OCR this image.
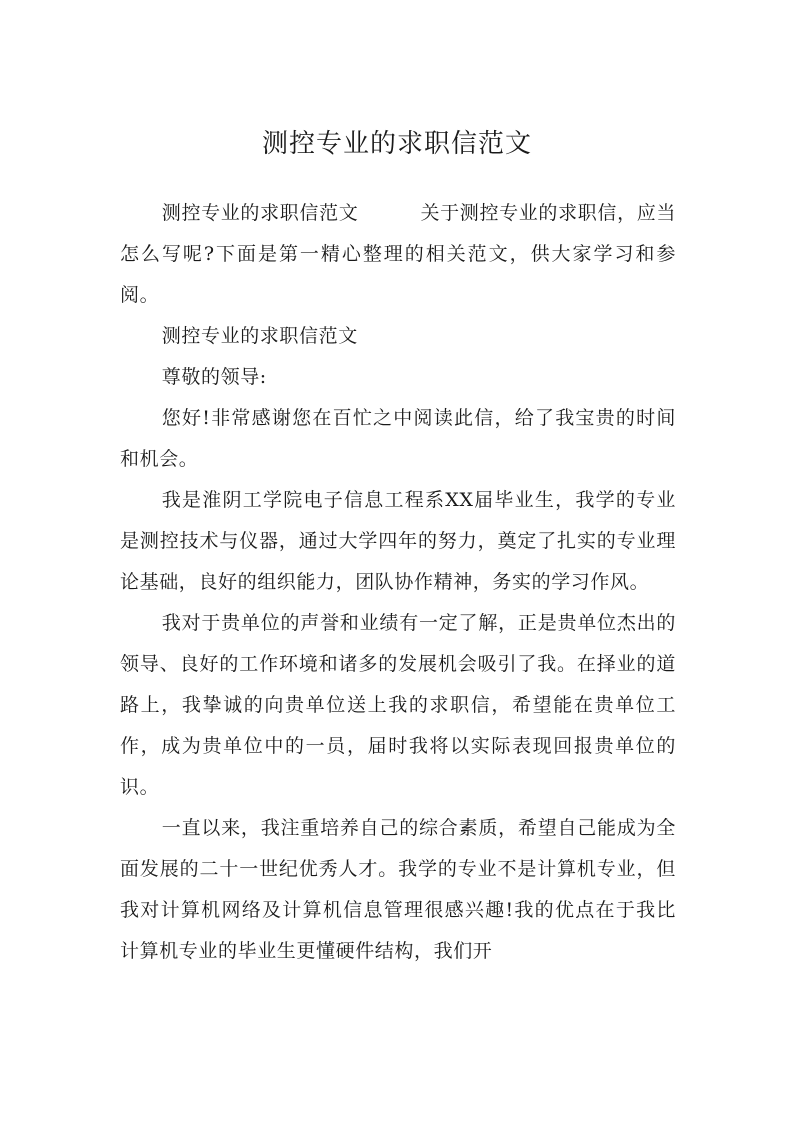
测控专业的求职信范文

测控专业的求职信范文	关于测控专业的求职信，应当怎么写呢?下面是第一精心整理的相关范文，供大家学习和参阅。

测控专业的求职信范文

尊敬的领导:

您好!非常感谢您在百忙之中阅读此信，给了我宝贵的时间和机会。

我是淮阴工学院电子信息工程系XX届毕业生，我学的专业是测控技术与仪器，通过大学四年的努力，奠定了扎实的专业理论基础，良好的组织能力，团队协作精神，务实的学习作风。

我对于贵单位的声誉和业绩有一定了解，正是贵单位杰出的领导、良好的工作环境和诸多的发展机会吸引了我。在择业的道路上，我挚诚的向贵单位送上我的求职信，希望能在贵单位工作，成为贵单位中的一员，届时我将以实际表现回报贵单位的识。

一直以来，我注重培养自己的综合素质，希望自己能成为全面发展的二十一世纪优秀人才。我学的专业不是计算机专业，但我对计算机网络及计算机信息管理很感兴趣!我的优点在于我比计算机专业的毕业生更懂硬件结构，我们开
